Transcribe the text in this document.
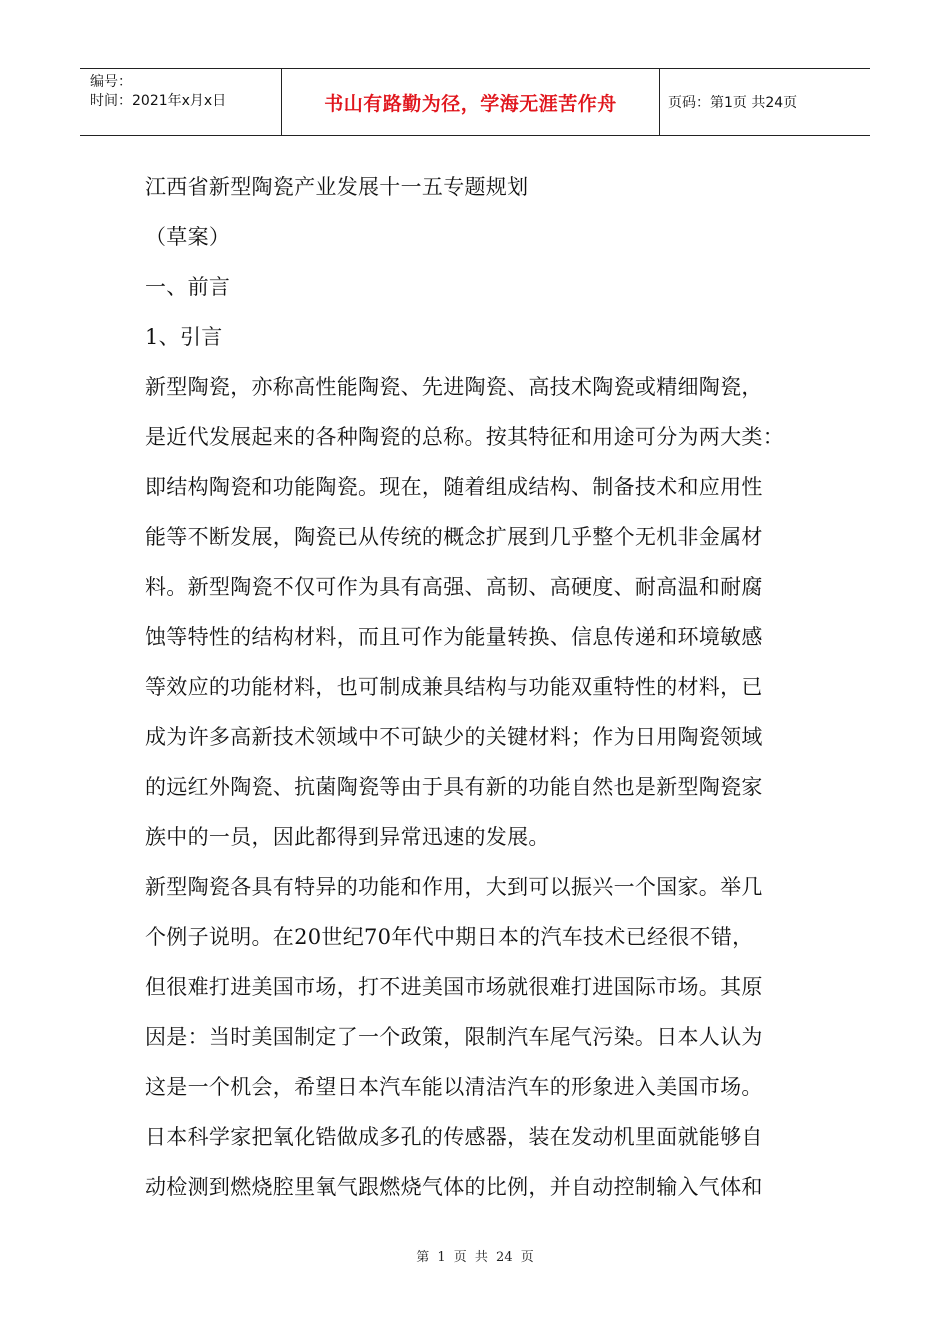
编号：
时间：2021年x月x日	书山有路勤为径，学海无涯苦作舟	页码：第1页 共24页

江西省新型陶瓷产业发展十一五专题规划

（草案）

一、前言

1、引言

新型陶瓷，亦称高性能陶瓷、先进陶瓷、高技术陶瓷或精细陶瓷，

是近代发展起来的各种陶瓷的总称。按其特征和用途可分为两大类：

即结构陶瓷和功能陶瓷。现在，随着组成结构、制备技术和应用性

能等不断发展，陶瓷已从传统的概念扩展到几乎整个无机非金属材

料。新型陶瓷不仅可作为具有高强、高韧、高硬度、耐高温和耐腐

蚀等特性的结构材料，而且可作为能量转换、信息传递和环境敏感

等效应的功能材料，也可制成兼具结构与功能双重特性的材料，已

成为许多高新技术领域中不可缺少的关键材料；作为日用陶瓷领域

的远红外陶瓷、抗菌陶瓷等由于具有新的功能自然也是新型陶瓷家

族中的一员，因此都得到异常迅速的发展。

新型陶瓷各具有特异的功能和作用，大到可以振兴一个国家。举几

个例子说明。在20世纪70年代中期日本的汽车技术已经很不错，

但很难打进美国市场，打不进美国市场就很难打进国际市场。其原

因是：当时美国制定了一个政策，限制汽车尾气污染。日本人认为

这是一个机会，希望日本汽车能以清洁汽车的形象进入美国市场。

日本科学家把氧化锆做成多孔的传感器，装在发动机里面就能够自

动检测到燃烧腔里氧气跟燃烧气体的比例，并自动控制输入气体和

第 1 页 共 24 页
